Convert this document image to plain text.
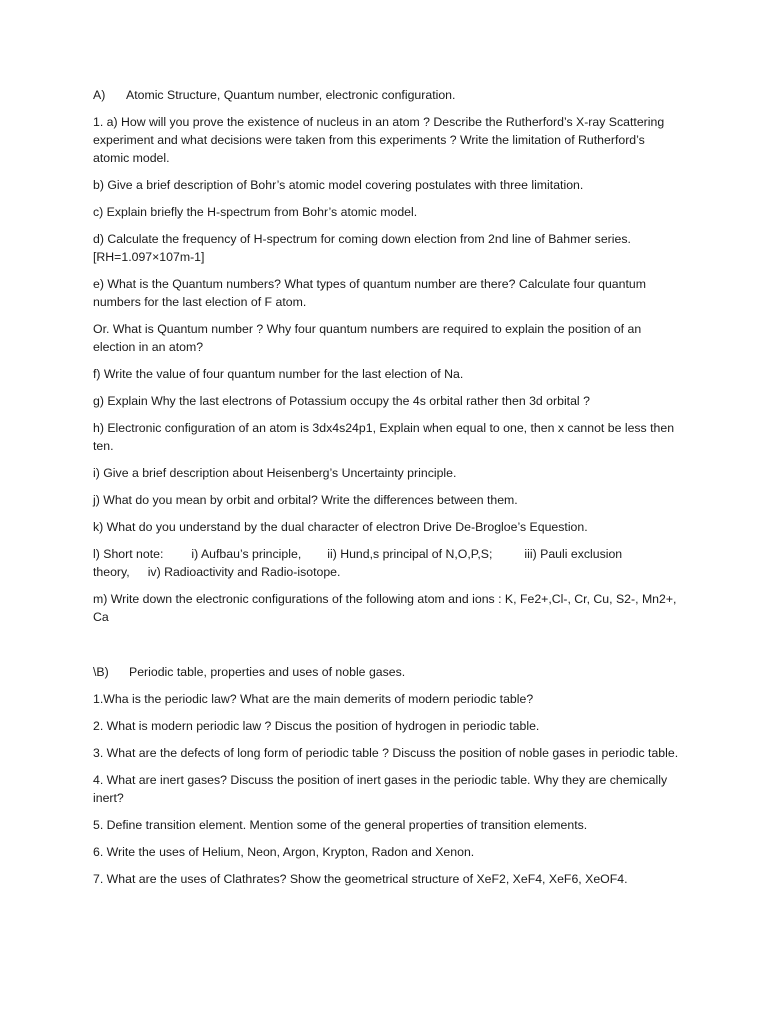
A) Atomic Structure, Quantum number, electronic configuration.
1. a) How will you prove the existence of nucleus in an atom ? Describe the Rutherford’s X-ray Scattering experiment and what decisions were taken from this experiments ? Write the limitation of Rutherford’s atomic model.
b) Give a brief description of Bohr’s atomic model covering postulates with three limitation.
c) Explain briefly the H-spectrum from Bohr’s atomic model.
d) Calculate the frequency of H-spectrum for coming down election from 2nd line of Bahmer series. [RH=1.097×107m-1]
e) What is the Quantum numbers? What types of quantum number are there? Calculate four quantum numbers for the last election of F atom.
Or. What is Quantum number ? Why four quantum numbers are required to explain the position of an election in an atom?
f) Write the value of four quantum number for the last election of Na.
g) Explain Why the last electrons of Potassium occupy the 4s orbital rather then 3d orbital ?
h) Electronic configuration of an atom is 3dx4s24p1, Explain when equal to one, then x cannot be less then ten.
i) Give a brief description about Heisenberg’s Uncertainty principle.
j) What do you mean by orbit and orbital? Write the differences between them.
k) What do you understand by the dual character of electron Drive De-Broglоe’s Equestion.
l) Short note: i) Aufbau’s principle, ii) Hund,s principal of N,O,P,S;	iii) Pauli exclusion theory, iv) Radioactivity and Radio-isotope.
m) Write down the electronic configurations of the following atom and ions : K, Fe2+,Cl-, Cr, Cu, S2-, Mn2+, Ca
\B) Periodic table, properties and uses of noble gases.
1.Wha is the periodic law? What are the main demerits of modern periodic table?
2. What is modern periodic law ? Discus the position of hydrogen in periodic table.
3. What are the defects of long form of periodic table ? Discuss the position of noble gases in periodic table.
4. What are inert gases? Discuss the position of inert gases in the periodic table. Why they are chemically inert?
5. Define transition element. Mention some of the general properties of transition elements.
6. Write the uses of Helium, Neon, Argon, Krypton, Radon and Xenon.
7. What are the uses of Clathrates? Show the geometrical structure of XeF2, XeF4, XeF6, XeOF4.
